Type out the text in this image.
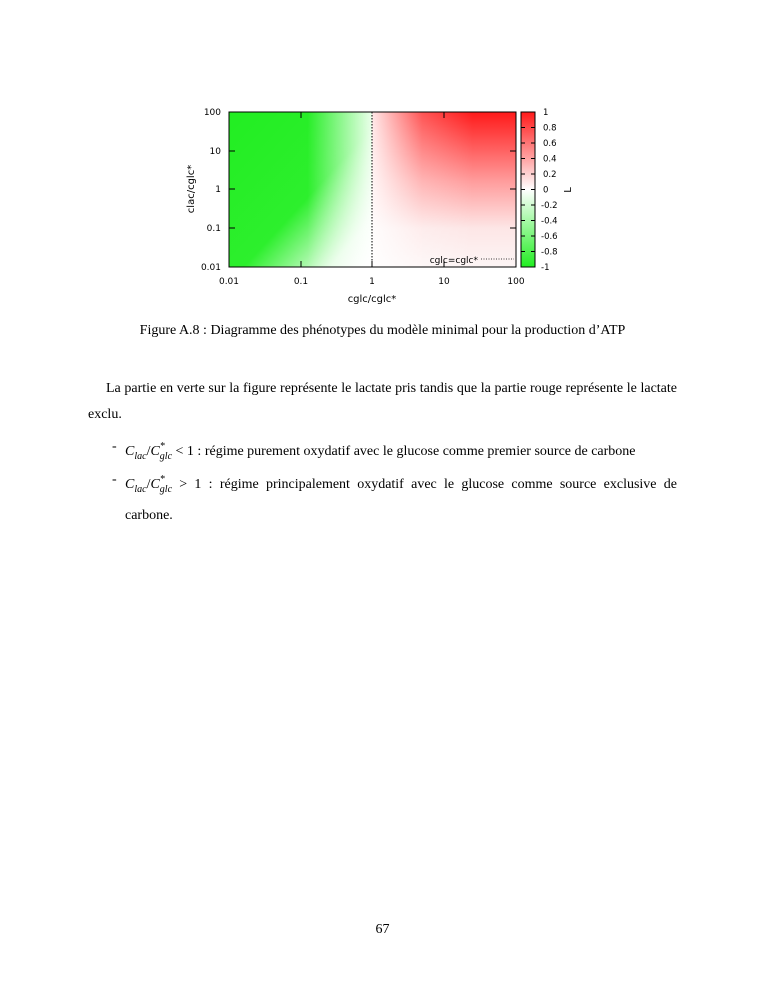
100
10
1
0.1
0.01
0.01	0.1	1	10	100
clac/cglc*
cglc/cglc*
cglc=cglc*
1
0.8
0.6
0.4
0.2
0
-0.2
-0.4
-0.6
-0.8
-1
L
Figure A.8 : Diagramme des phénotypes du modèle minimal pour la production d’ATP
La partie en verte sur la figure représente le lactate pris tandis que la partie rouge représente le lactate exclu.
- $C_{lac}/C^*_{glc} < 1$ : régime purement oxydatif avec le glucose comme premier source de carbone
- $C_{lac}/C^*_{glc} > 1$ : régime principalement oxydatif avec le glucose comme source exclusive de carbone.
67
